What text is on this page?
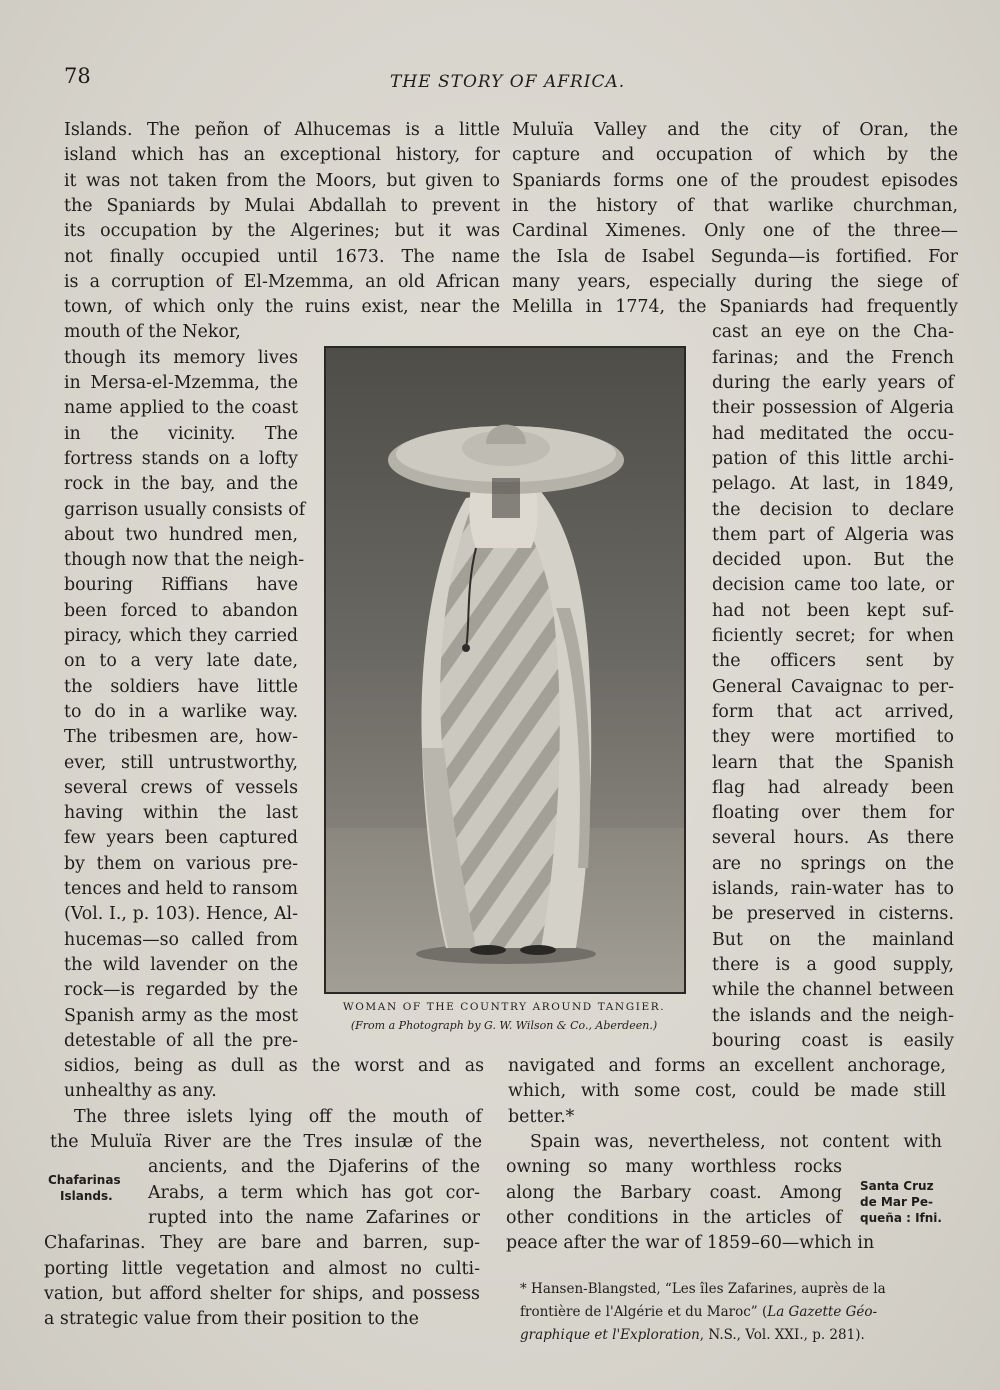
78	THE STORY OF AFRICA.
Islands. The peñon of Alhucemas is a little
island which has an exceptional history, for
it was not taken from the Moors, but given to
the Spaniards by Mulai Abdallah to prevent
its occupation by the Algerines; but it was
not finally occupied until 1673. The name
is a corruption of El-Mzemma, an old African
town, of which only the ruins exist, near the
mouth of the Nekor,
though its memory lives
in Mersa-el-Mzemma, the
name applied to the coast
in the vicinity. The
fortress stands on a lofty
rock in the bay, and the
garrison usually consists of
about two hundred men,
though now that the neigh-
bouring Riffians have
been forced to abandon
piracy, which they carried
on to a very late date,
the soldiers have little
to do in a warlike way.
The tribesmen are, how-
ever, still untrustworthy,
several crews of vessels
having within the last
few years been captured
by them on various pre-
tences and held to ransom
(Vol. I., p. 103). Hence, Al-
hucemas—so called from
the wild lavender on the
rock—is regarded by the
Spanish army as the most
detestable of all the pre-
sidios, being as dull as the worst and as
unhealthy as any.
The three islets lying off the mouth of
the Muluïa River are the Tres insulæ of the
ancients, and the Djaferins of the
Arabs, a term which has got cor-
rupted into the name Zafarines or
Chafarinas. They are bare and barren, sup-
porting little vegetation and almost no culti-
vation, but afford shelter for ships, and possess
a strategic value from their position to the
Muluïa Valley and the city of Oran, the
capture and occupation of which by the
Spaniards forms one of the proudest episodes
in the history of that warlike churchman,
Cardinal Ximenes. Only one of the three—
the Isla de Isabel Segunda—is fortified. For
many years, especially during the siege of
Melilla in 1774, the Spaniards had frequently
cast an eye on the Cha-
farinas; and the French
during the early years of
their possession of Algeria
had meditated the occu-
pation of this little archi-
pelago. At last, in 1849,
the decision to declare
them part of Algeria was
decided upon. But the
decision came too late, or
had not been kept suf-
ficiently secret; for when
the officers sent by
General Cavaignac to per-
form that act arrived,
they were mortified to
learn that the Spanish
flag had already been
floating over them for
several hours. As there
are no springs on the
islands, rain-water has to
be preserved in cisterns.
But on the mainland
there is a good supply,
while the channel between
the islands and the neigh-
bouring coast is easily
navigated and forms an excellent anchorage,
which, with some cost, could be made still
better.*
Spain was, nevertheless, not content with
owning so many worthless rocks
along the Barbary coast. Among
other conditions in the articles of
peace after the war of 1859–60—which in
WOMAN OF THE COUNTRY AROUND TANGIER.
(From a Photograph by G. W. Wilson & Co., Aberdeen.)
Chafarinas
Islands.
Santa Cruz
de Mar Pe-
queña : Ifni.
* Hansen-Blangsted, “Les îles Zafarines, auprès de la
frontière de l'Algérie et du Maroc” (La Gazette Géo-
graphique et l'Exploration, N.S., Vol. XXI., p. 281).
